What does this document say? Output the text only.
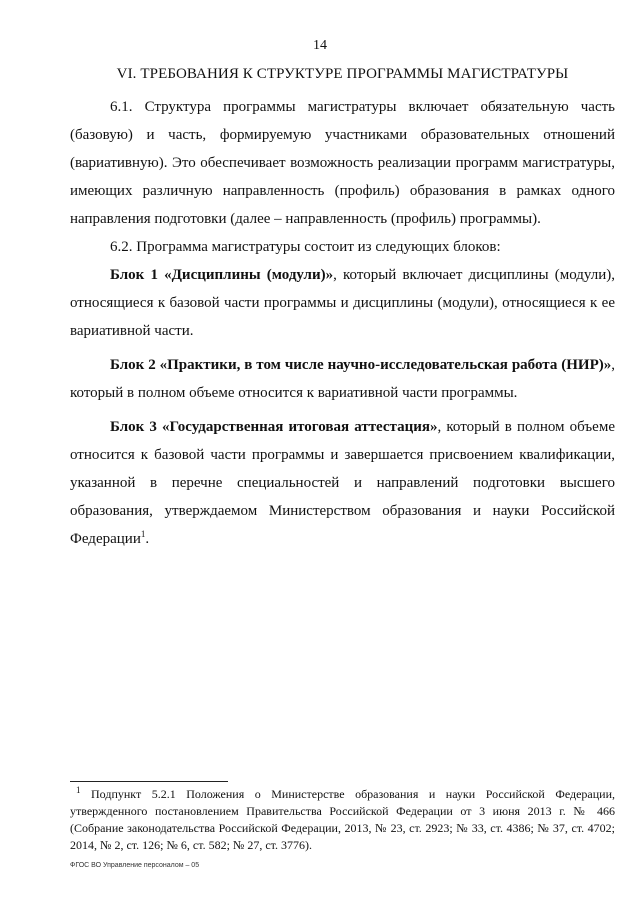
14
VI. ТРЕБОВАНИЯ К СТРУКТУРЕ ПРОГРАММЫ МАГИСТРАТУРЫ

6.1. Структура программы магистратуры включает обязательную часть (базовую) и часть, формируемую участниками образовательных отношений (вариативную). Это обеспечивает возможность реализации программ магистратуры, имеющих различную направленность (профиль) образования в рамках одного направления подготовки (далее – направленность (профиль) программы).

6.2. Программа магистратуры состоит из следующих блоков:

Блок 1 «Дисциплины (модули)», который включает дисциплины (модули), относящиеся к базовой части программы и дисциплины (модули), относящиеся к ее вариативной части.

Блок 2 «Практики, в том числе научно-исследовательская работа (НИР)», который в полном объеме относится к вариативной части программы.

Блок 3 «Государственная итоговая аттестация», который в полном объеме относится к базовой части программы и завершается присвоением квалификации, указанной в перечне специальностей и направлений подготовки высшего образования, утверждаемом Министерством образования и науки Российской Федерации$^1$.

$^1$ Подпункт 5.2.1 Положения о Министерстве образования и науки Российской Федерации, утвержденного постановлением Правительства Российской Федерации от 3 июня 2013 г. № 466 (Собрание законодательства Российской Федерации, 2013, № 23, ст. 2923; № 33, ст. 4386; № 37, ст. 4702; 2014, № 2, ст. 126; № 6, ст. 582; № 27, ст. 3776).

ФГОС ВО Управление персоналом – 05
